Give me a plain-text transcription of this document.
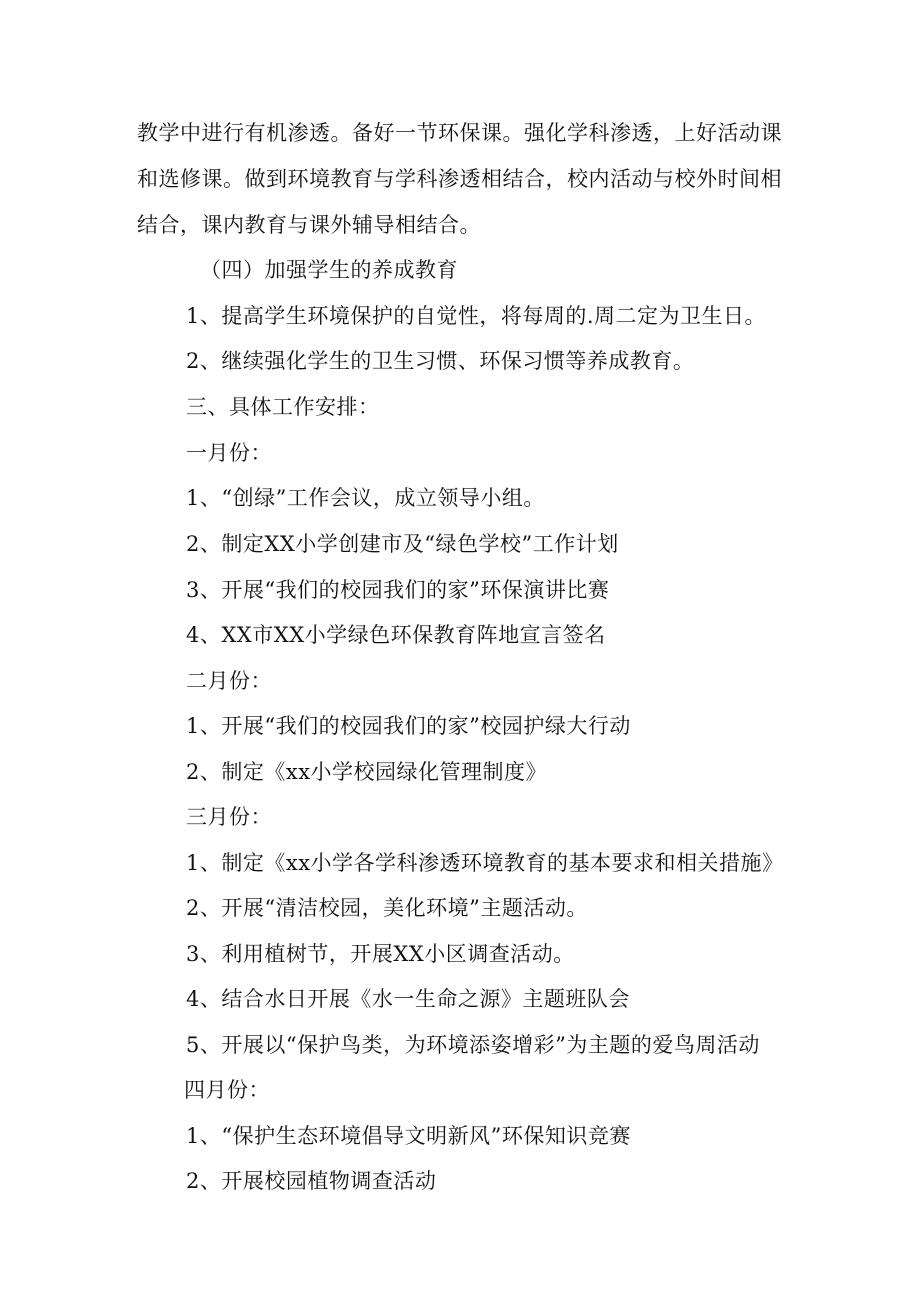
教学中进行有机渗透。备好一节环保课。强化学科渗透，上好活动课
和选修课。做到环境教育与学科渗透相结合，校内活动与校外时间相
结合，课内教育与课外辅导相结合。
（四）加强学生的养成教育
1、提高学生环境保护的自觉性，将每周的.周二定为卫生日。
2、继续强化学生的卫生习惯、环保习惯等养成教育。
三、具体工作安排：
一月份：
1、“创绿”工作会议，成立领导小组。
2、制定XX小学创建市及“绿色学校”工作计划
3、开展“我们的校园我们的家”环保演讲比赛
4、XX市XX小学绿色环保教育阵地宣言签名
二月份：
1、开展“我们的校园我们的家”校园护绿大行动
2、制定《xx小学校园绿化管理制度》
三月份：
1、制定《xx小学各学科渗透环境教育的基本要求和相关措施》
2、开展“清洁校园，美化环境”主题活动。
3、利用植树节，开展XX小区调查活动。
4、结合水日开展《水一生命之源》主题班队会
5、开展以“保护鸟类，为环境添姿增彩”为主题的爱鸟周活动
四月份：
1、“保护生态环境倡导文明新风”环保知识竞赛
2、开展校园植物调查活动
